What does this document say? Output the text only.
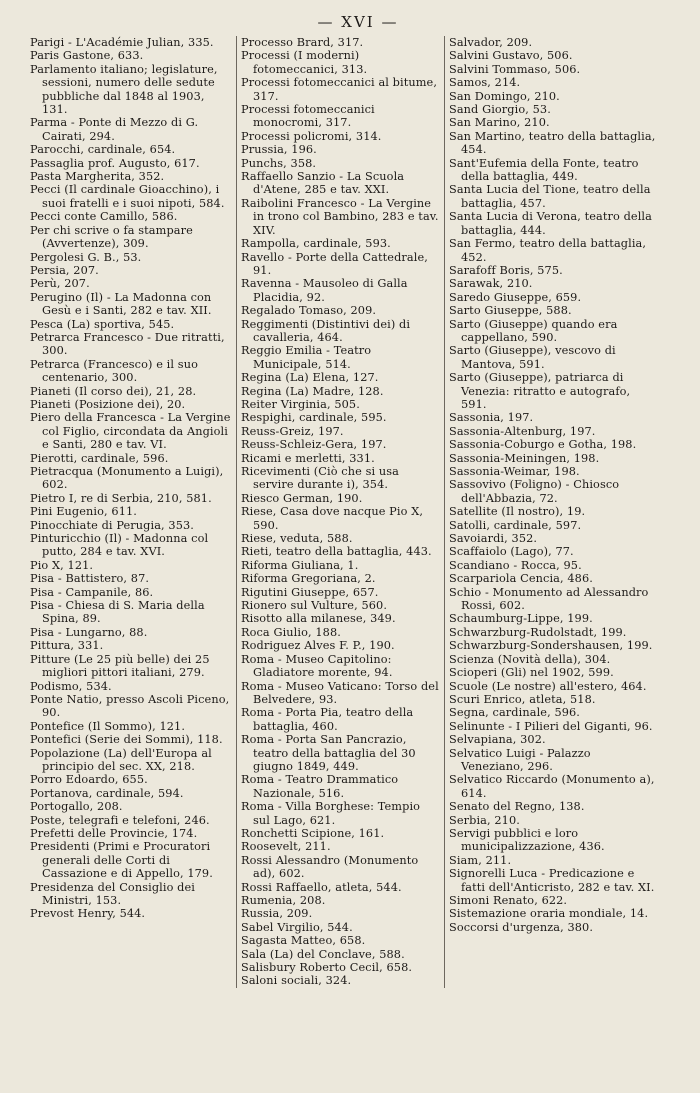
— XVI —
Parigi - L'Académie Julian, 335.
Paris Gastone, 633.
Parlamento italiano; legislature, sessioni, numero delle sedute pubbliche dal 1848 al 1903, 131.
Parma - Ponte di Mezzo di G. Cairati, 294.
Parocchi, cardinale, 654.
Passaglia prof. Augusto, 617.
Pasta Margherita, 352.
Pecci (Il cardinale Gioacchino), i suoi fratelli e i suoi nipoti, 584.
Pecci conte Camillo, 586.
Per chi scrive o fa stampare (Avvertenze), 309.
Pergolesi G. B., 53.
Persia, 207.
Perù, 207.
Perugino (Il) - La Madonna con Gesù e i Santi, 282 e tav. XII.
Pesca (La) sportiva, 545.
Petrarca Francesco - Due ritratti, 300.
Petrarca (Francesco) e il suo centenario, 300.
Pianeti (Il corso dei), 21, 28.
Pianeti (Posizione dei), 20.
Piero della Francesca - La Vergine col Figlio, circondata da Angioli e Santi, 280 e tav. VI.
Pierotti, cardinale, 596.
Pietracqua (Monumento a Luigi), 602.
Pietro I, re di Serbia, 210, 581.
Pini Eugenio, 611.
Pinocchiate di Perugia, 353.
Pinturicchio (Il) - Madonna col putto, 284 e tav. XVI.
Pio X, 121.
Pisa - Battistero, 87.
Pisa - Campanile, 86.
Pisa - Chiesa di S. Maria della Spina, 89.
Pisa - Lungarno, 88.
Pittura, 331.
Pitture (Le 25 più belle) dei 25 migliori pittori italiani, 279.
Podismo, 534.
Ponte Natio, presso Ascoli Piceno, 90.
Pontefice (Il Sommo), 121.
Pontefici (Serie dei Sommi), 118.
Popolazione (La) dell'Europa al principio del sec. XX, 218.
Porro Edoardo, 655.
Portanova, cardinale, 594.
Portogallo, 208.
Poste, telegrafi e telefoni, 246.
Prefetti delle Provincie, 174.
Presidenti (Primi e Procuratori generali delle Corti di Cassazione e di Appello, 179.
Presidenza del Consiglio dei Ministri, 153.
Prevost Henry, 544.
Processo Brard, 317.
Processi (I moderni) fotomeccanici, 313.
Processi fotomeccanici al bitume, 317.
Processi fotomeccanici monocromi, 317.
Processi policromi, 314.
Prussia, 196.
Punchs, 358.
Raffaello Sanzio - La Scuola d'Atene, 285 e tav. XXI.
Raibolini Francesco - La Vergine in trono col Bambino, 283 e tav. XIV.
Rampolla, cardinale, 593.
Ravello - Porte della Cattedrale, 91.
Ravenna - Mausoleo di Galla Placidia, 92.
Regalado Tomaso, 209.
Reggimenti (Distintivi dei) di cavalleria, 464.
Reggio Emilia - Teatro Municipale, 514.
Regina (La) Elena, 127.
Regina (La) Madre, 128.
Reiter Virginia, 505.
Respighi, cardinale, 595.
Reuss-Greiz, 197.
Reuss-Schleiz-Gera, 197.
Ricami e merletti, 331.
Ricevimenti (Ciò che si usa servire durante i), 354.
Riesco German, 190.
Riese, Casa dove nacque Pio X, 590.
Riese, veduta, 588.
Rieti, teatro della battaglia, 443.
Riforma Giuliana, 1.
Riforma Gregoriana, 2.
Rigutini Giuseppe, 657.
Rionero sul Vulture, 560.
Risotto alla milanese, 349.
Roca Giulio, 188.
Rodriguez Alves F. P., 190.
Roma - Museo Capitolino: Gladiatore morente, 94.
Roma - Museo Vaticano: Torso del Belvedere, 93.
Roma - Porta Pia, teatro della battaglia, 460.
Roma - Porta San Pancrazio, teatro della battaglia del 30 giugno 1849, 449.
Roma - Teatro Drammatico Nazionale, 516.
Roma - Villa Borghese: Tempio sul Lago, 621.
Ronchetti Scipione, 161.
Roosevelt, 211.
Rossi Alessandro (Monumento ad), 602.
Rossi Raffaello, atleta, 544.
Rumenia, 208.
Russia, 209.
Sabel Virgilio, 544.
Sagasta Matteo, 658.
Sala (La) del Conclave, 588.
Salisbury Roberto Cecil, 658.
Saloni sociali, 324.
Salvador, 209.
Salvini Gustavo, 506.
Salvini Tommaso, 506.
Samos, 214.
San Domingo, 210.
Sand Giorgio, 53.
San Marino, 210.
San Martino, teatro della battaglia, 454.
Sant'Eufemia della Fonte, teatro della battaglia, 449.
Santa Lucia del Tione, teatro della battaglia, 457.
Santa Lucia di Verona, teatro della battaglia, 444.
San Fermo, teatro della battaglia, 452.
Sarafoff Boris, 575.
Sarawak, 210.
Saredo Giuseppe, 659.
Sarto Giuseppe, 588.
Sarto (Giuseppe) quando era cappellano, 590.
Sarto (Giuseppe), vescovo di Mantova, 591.
Sarto (Giuseppe), patriarca di Venezia: ritratto e autografo, 591.
Sassonia, 197.
Sassonia-Altenburg, 197.
Sassonia-Coburgo e Gotha, 198.
Sassonia-Meiningen, 198.
Sassonia-Weimar, 198.
Sassovivo (Foligno) - Chiosco dell'Abbazia, 72.
Satellite (Il nostro), 19.
Satolli, cardinale, 597.
Savoiardi, 352.
Scaffaiolo (Lago), 77.
Scandiano - Rocca, 95.
Scarpariola Cencia, 486.
Schio - Monumento ad Alessandro Rossi, 602.
Schaumburg-Lippe, 199.
Schwarzburg-Rudolstadt, 199.
Schwarzburg-Sondershausen, 199.
Scienza (Novità della), 304.
Scioperi (Gli) nel 1902, 599.
Scuole (Le nostre) all'estero, 464.
Scuri Enrico, atleta, 518.
Segna, cardinale, 596.
Selinunte - I Pilieri del Giganti, 96.
Selvapiana, 302.
Selvatico Luigi - Palazzo Veneziano, 296.
Selvatico Riccardo (Monumento a), 614.
Senato del Regno, 138.
Serbia, 210.
Servigi pubblici e loro municipalizzazione, 436.
Siam, 211.
Signorelli Luca - Predicazione e fatti dell'Anticristo, 282 e tav. XI.
Simoni Renato, 622.
Sistemazione oraria mondiale, 14.
Soccorsi d'urgenza, 380.
